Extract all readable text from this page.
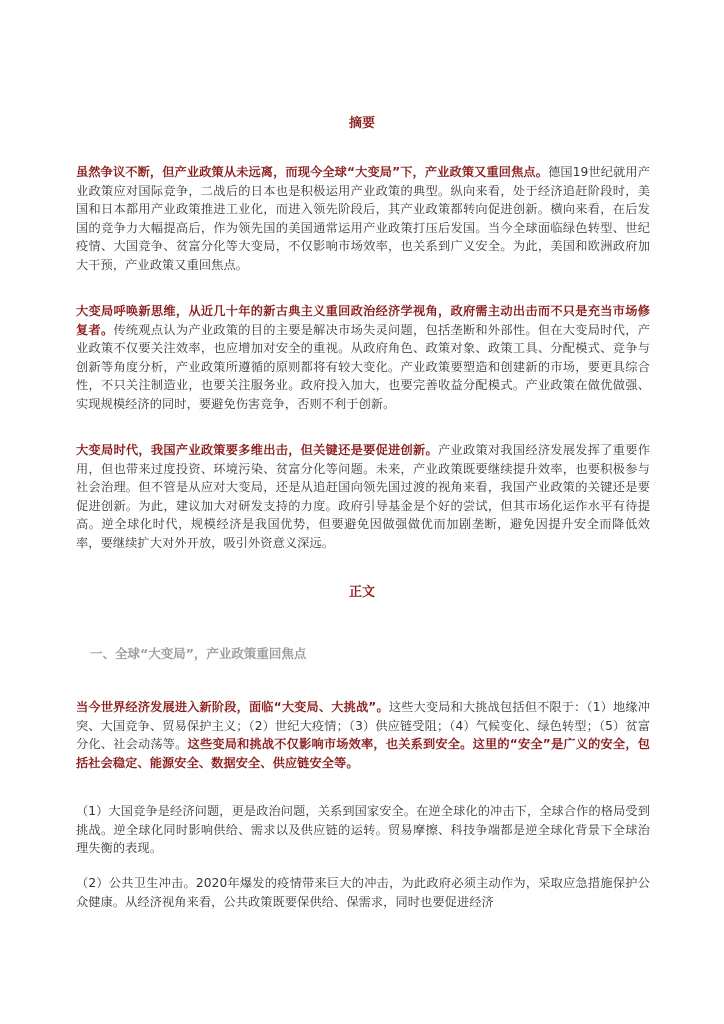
摘要
虽然争议不断，但产业政策从未远离，而现今全球“大变局”下，产业政策又重回焦点。德国19世纪就用产业政策应对国际竞争，二战后的日本也是积极运用产业政策的典型。纵向来看，处于经济追赶阶段时，美国和日本都用产业政策推进工业化，而进入领先阶段后，其产业政策都转向促进创新。横向来看，在后发国的竞争力大幅提高后，作为领先国的美国通常运用产业政策打压后发国。当今全球面临绿色转型、世纪疫情、大国竞争、贫富分化等大变局，不仅影响市场效率，也关系到广义安全。为此，美国和欧洲政府加大干预，产业政策又重回焦点。
大变局呼唤新思维，从近几十年的新古典主义重回政治经济学视角，政府需主动出击而不只是充当市场修复者。传统观点认为产业政策的目的主要是解决市场失灵问题，包括垄断和外部性。但在大变局时代，产业政策不仅要关注效率，也应增加对安全的重视。从政府角色、政策对象、政策工具、分配模式、竞争与创新等角度分析，产业政策所遵循的原则都将有较大变化。产业政策要塑造和创建新的市场，要更具综合性，不只关注制造业，也要关注服务业。政府投入加大，也要完善收益分配模式。产业政策在做优做强、实现规模经济的同时，要避免伤害竞争，否则不利于创新。
大变局时代，我国产业政策要多维出击，但关键还是要促进创新。产业政策对我国经济发展发挥了重要作用，但也带来过度投资、环境污染、贫富分化等问题。未来，产业政策既要继续提升效率，也要积极参与社会治理。但不管是从应对大变局，还是从追赶国向领先国过渡的视角来看，我国产业政策的关键还是要促进创新。为此，建议加大对研发支持的力度。政府引导基金是个好的尝试，但其市场化运作水平有待提高。逆全球化时代，规模经济是我国优势，但要避免因做强做优而加剧垄断，避免因提升安全而降低效率，要继续扩大对外开放，吸引外资意义深远。
正文
一、全球“大变局”，产业政策重回焦点
当今世界经济发展进入新阶段，面临“大变局、大挑战”。这些大变局和大挑战包括但不限于：（1）地缘冲突、大国竞争、贸易保护主义；（2）世纪大疫情；（3）供应链受阻；（4）气候变化、绿色转型；（5）贫富分化、社会动荡等。这些变局和挑战不仅影响市场效率，也关系到安全。这里的“安全”是广义的安全，包括社会稳定、能源安全、数据安全、供应链安全等。
（1）大国竞争是经济问题，更是政治问题，关系到国家安全。在逆全球化的冲击下，全球合作的格局受到挑战。逆全球化同时影响供给、需求以及供应链的运转。贸易摩擦、科技争端都是逆全球化背景下全球治理失衡的表现。
（2）公共卫生冲击。2020年爆发的疫情带来巨大的冲击，为此政府必须主动作为，采取应急措施保护公众健康。从经济视角来看，公共政策既要保供给、保需求，同时也要促进经济
